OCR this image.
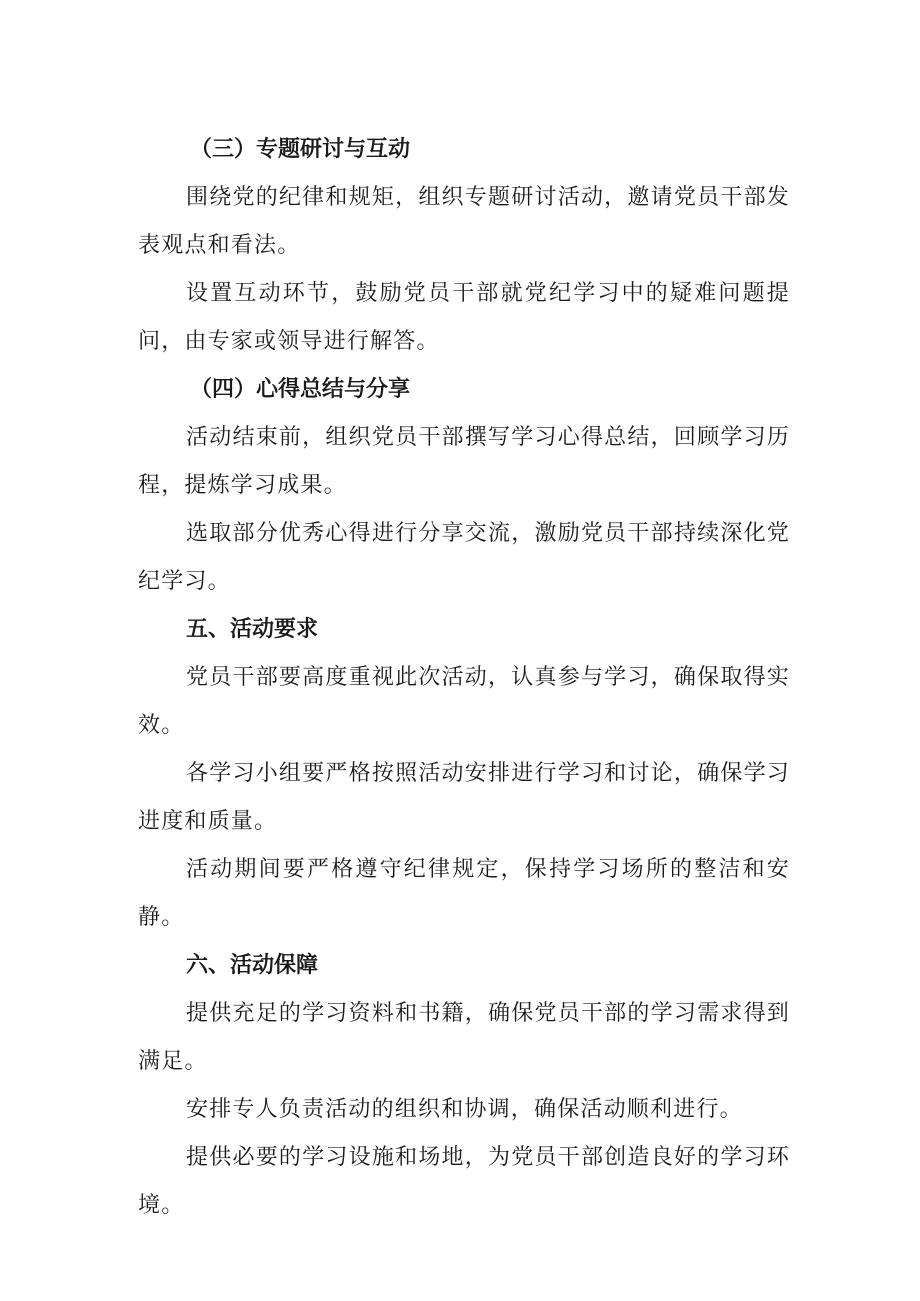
（三）专题研讨与互动

围绕党的纪律和规矩，组织专题研讨活动，邀请党员干部发表观点和看法。

设置互动环节，鼓励党员干部就党纪学习中的疑难问题提问，由专家或领导进行解答。

（四）心得总结与分享

活动结束前，组织党员干部撰写学习心得总结，回顾学习历程，提炼学习成果。

选取部分优秀心得进行分享交流，激励党员干部持续深化党纪学习。

五、活动要求

党员干部要高度重视此次活动，认真参与学习，确保取得实效。

各学习小组要严格按照活动安排进行学习和讨论，确保学习进度和质量。

活动期间要严格遵守纪律规定，保持学习场所的整洁和安静。

六、活动保障

提供充足的学习资料和书籍，确保党员干部的学习需求得到满足。

安排专人负责活动的组织和协调，确保活动顺利进行。

提供必要的学习设施和场地，为党员干部创造良好的学习环境。
